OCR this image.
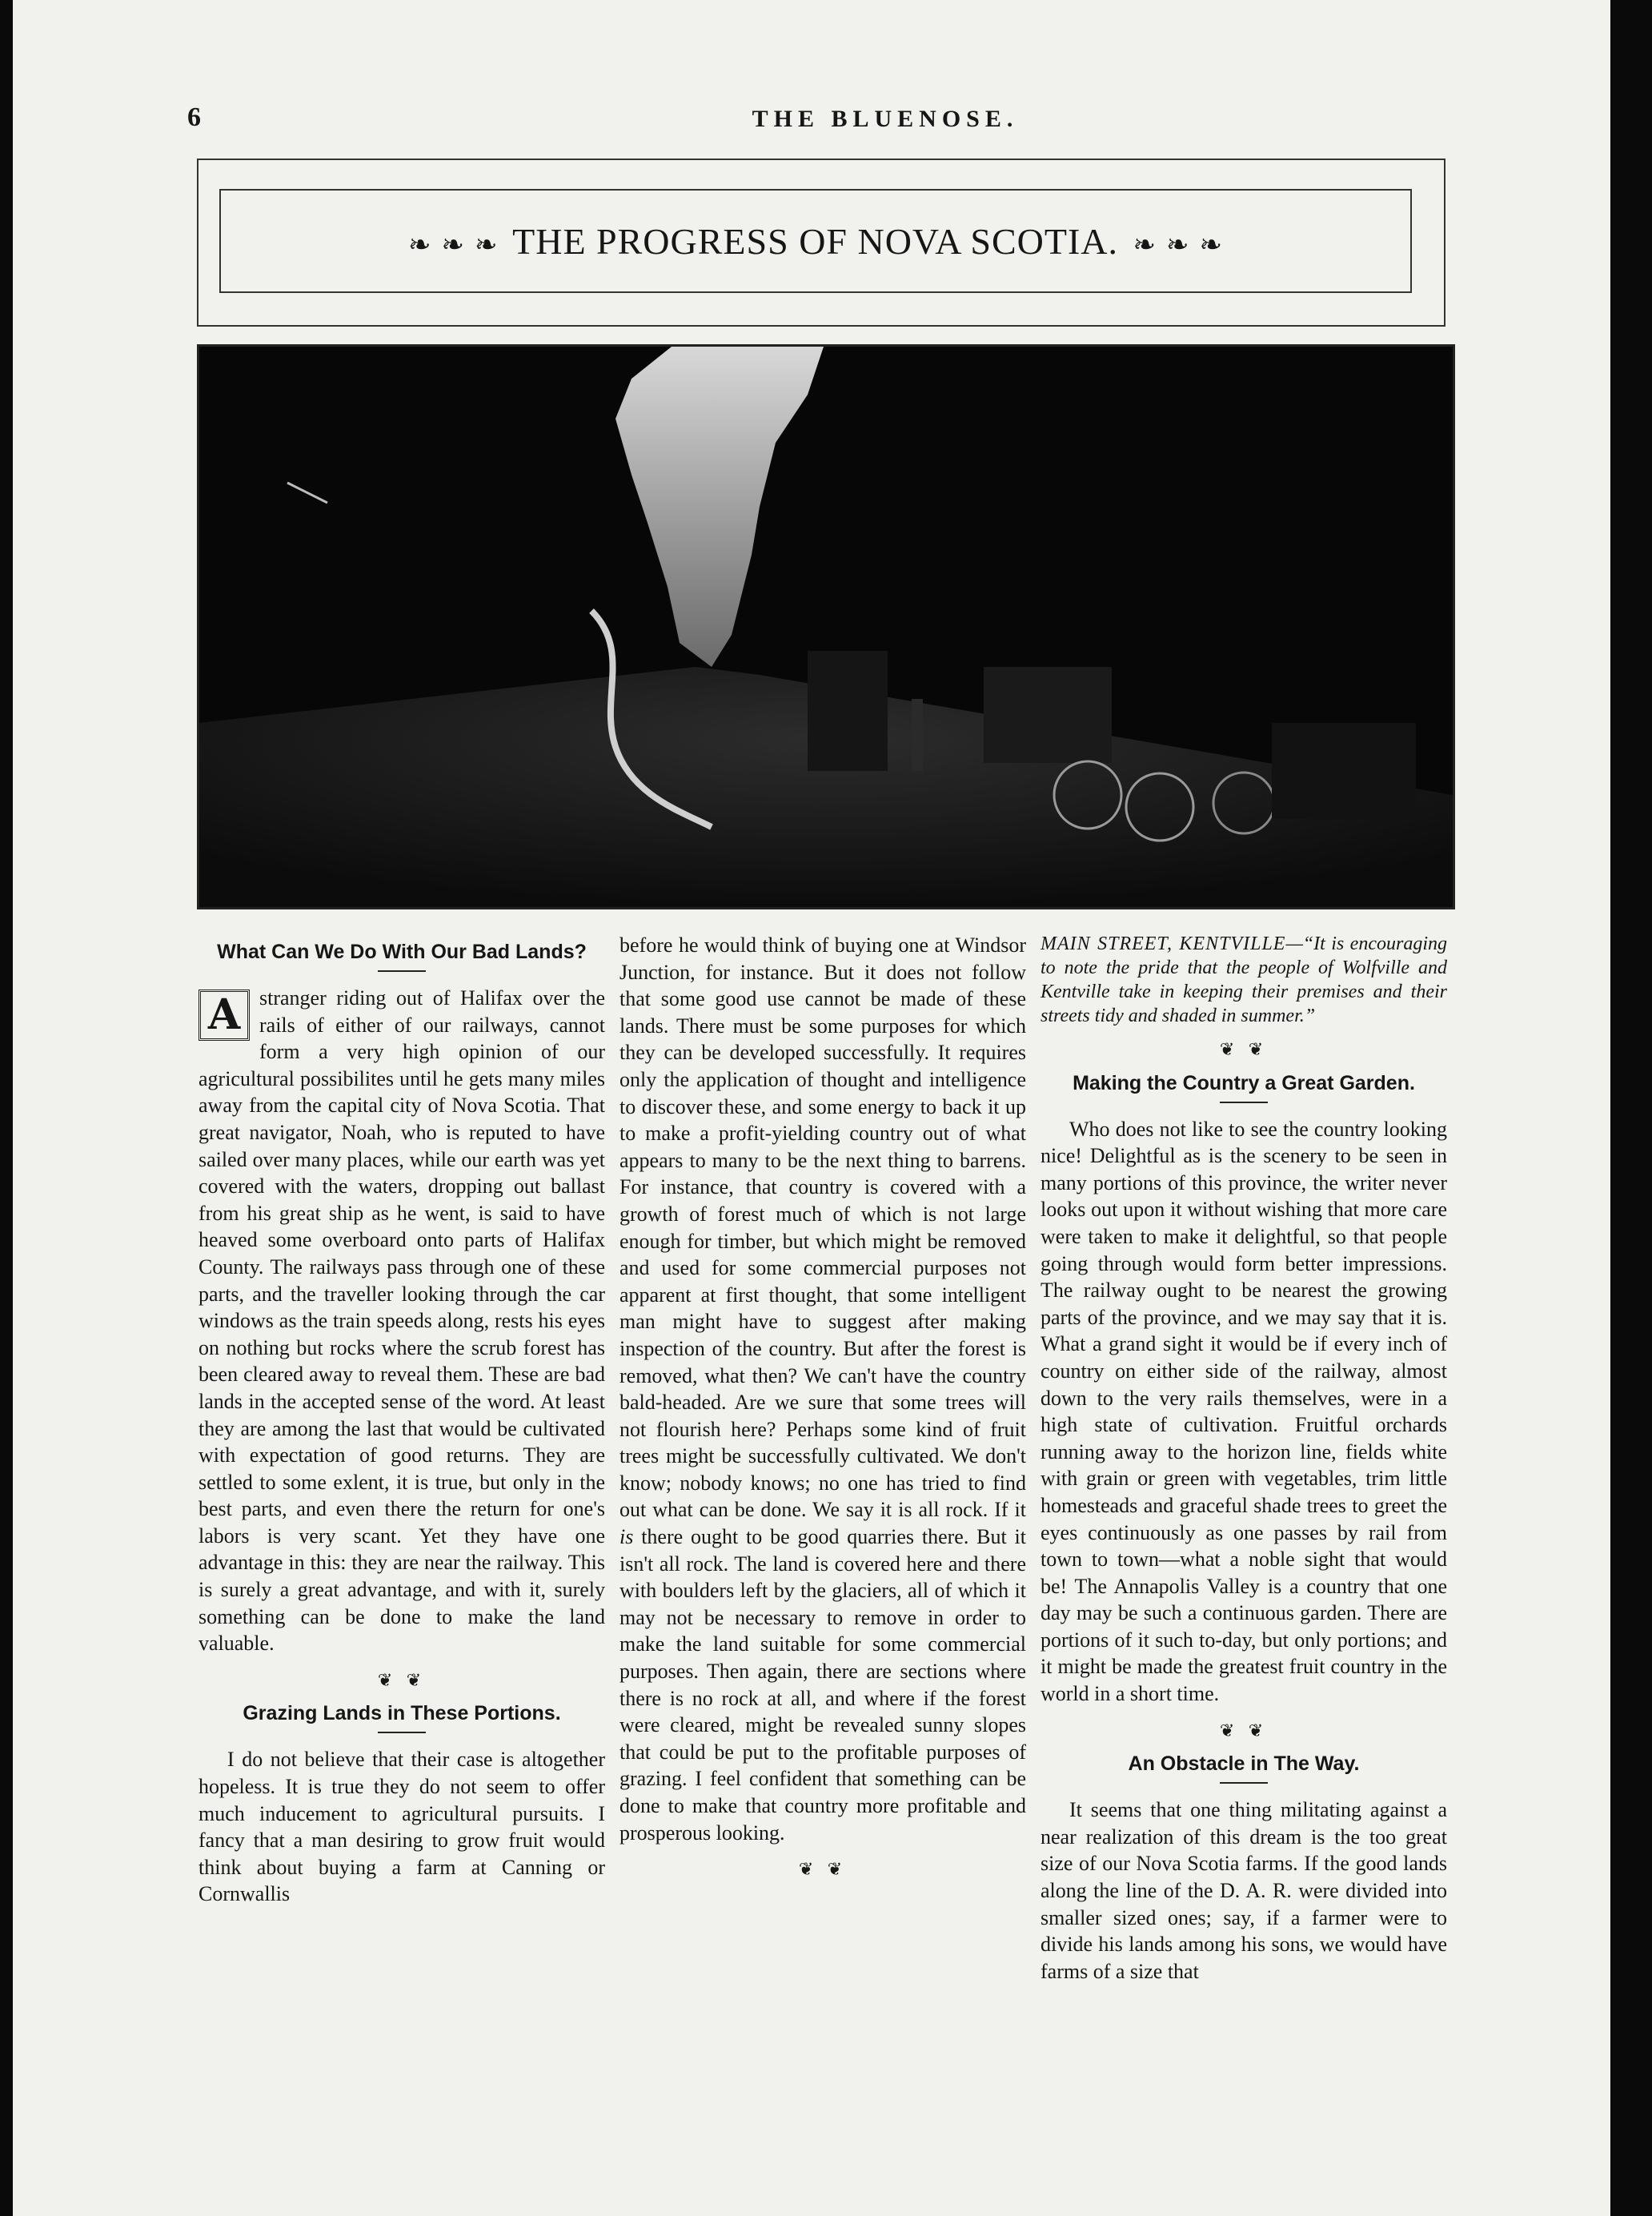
6	THE BLUENOSE.
❧ ❧ ❧ THE PROGRESS OF NOVA SCOTIA. ❧ ❧ ❧
What Can We Do With Our Bad Lands?

A stranger riding out of Halifax over the rails of either of our railways, cannot form a very high opinion of our agricultural possibilites until he gets many miles away from the capital city of Nova Scotia. That great navigator, Noah, who is reputed to have sailed over many places, while our earth was yet covered with the waters, dropping out ballast from his great ship as he went, is said to have heaved some overboard onto parts of Halifax County. The railways pass through one of these parts, and the traveller looking through the car windows as the train speeds along, rests his eyes on nothing but rocks where the scrub forest has been cleared away to reveal them. These are bad lands in the accepted sense of the word. At least they are among the last that would be cultivated with expectation of good returns. They are settled to some exlent, it is true, but only in the best parts, and even there the return for one's labors is very scant. Yet they have one advantage in this: they are near the railway. This is surely a great advantage, and with it, surely something can be done to make the land valuable.

❦ ❦
Grazing Lands in These Portions.

I do not believe that their case is altogether hopeless. It is true they do not seem to offer much inducement to agricultural pursuits. I fancy that a man desiring to grow fruit would think about buying a farm at Canning or Cornwallis

before he would think of buying one at Windsor Junction, for instance. But it does not follow that some good use cannot be made of these lands. There must be some purposes for which they can be developed successfully. It requires only the application of thought and intelligence to discover these, and some energy to back it up to make a profit-yielding country out of what appears to many to be the next thing to barrens. For instance, that country is covered with a growth of forest much of which is not large enough for timber, but which might be removed and used for some commercial purposes not apparent at first thought, that some intelligent man might have to suggest after making inspection of the country. But after the forest is removed, what then? We can't have the country bald-headed. Are we sure that some trees will not flourish here? Perhaps some kind of fruit trees might be successfully cultivated. We don't know; nobody knows; no one has tried to find out what can be done. We say it is all rock. If it is there ought to be good quarries there. But it isn't all rock. The land is covered here and there with boulders left by the glaciers, all of which it may not be necessary to remove in order to make the land suitable for some commercial purposes. Then again, there are sections where there is no rock at all, and where if the forest were cleared, might be revealed sunny slopes that could be put to the profitable purposes of grazing. I feel confident that something can be done to make that country more profitable and prosperous looking.

❦ ❦
MAIN STREET, KENTVILLE—“It is encouraging to note the pride that the people of Wolfville and Kentville take in keeping their premises and their streets tidy and shaded in summer.”
❦ ❦
Making the Country a Great Garden.

Who does not like to see the country looking nice! Delightful as is the scenery to be seen in many portions of this province, the writer never looks out upon it without wishing that more care were taken to make it delightful, so that people going through would form better impressions. The railway ought to be nearest the growing parts of the province, and we may say that it is. What a grand sight it would be if every inch of country on either side of the railway, almost down to the very rails themselves, were in a high state of cultivation. Fruitful orchards running away to the horizon line, fields white with grain or green with vegetables, trim little homesteads and graceful shade trees to greet the eyes continuously as one passes by rail from town to town—what a noble sight that would be! The Annapolis Valley is a country that one day may be such a continuous garden. There are portions of it such to-day, but only portions; and it might be made the greatest fruit country in the world in a short time.

❦ ❦
An Obstacle in The Way.

It seems that one thing militating against a near realization of this dream is the too great size of our Nova Scotia farms. If the good lands along the line of the D. A. R. were divided into smaller sized ones; say, if a farmer were to divide his lands among his sons, we would have farms of a size that
